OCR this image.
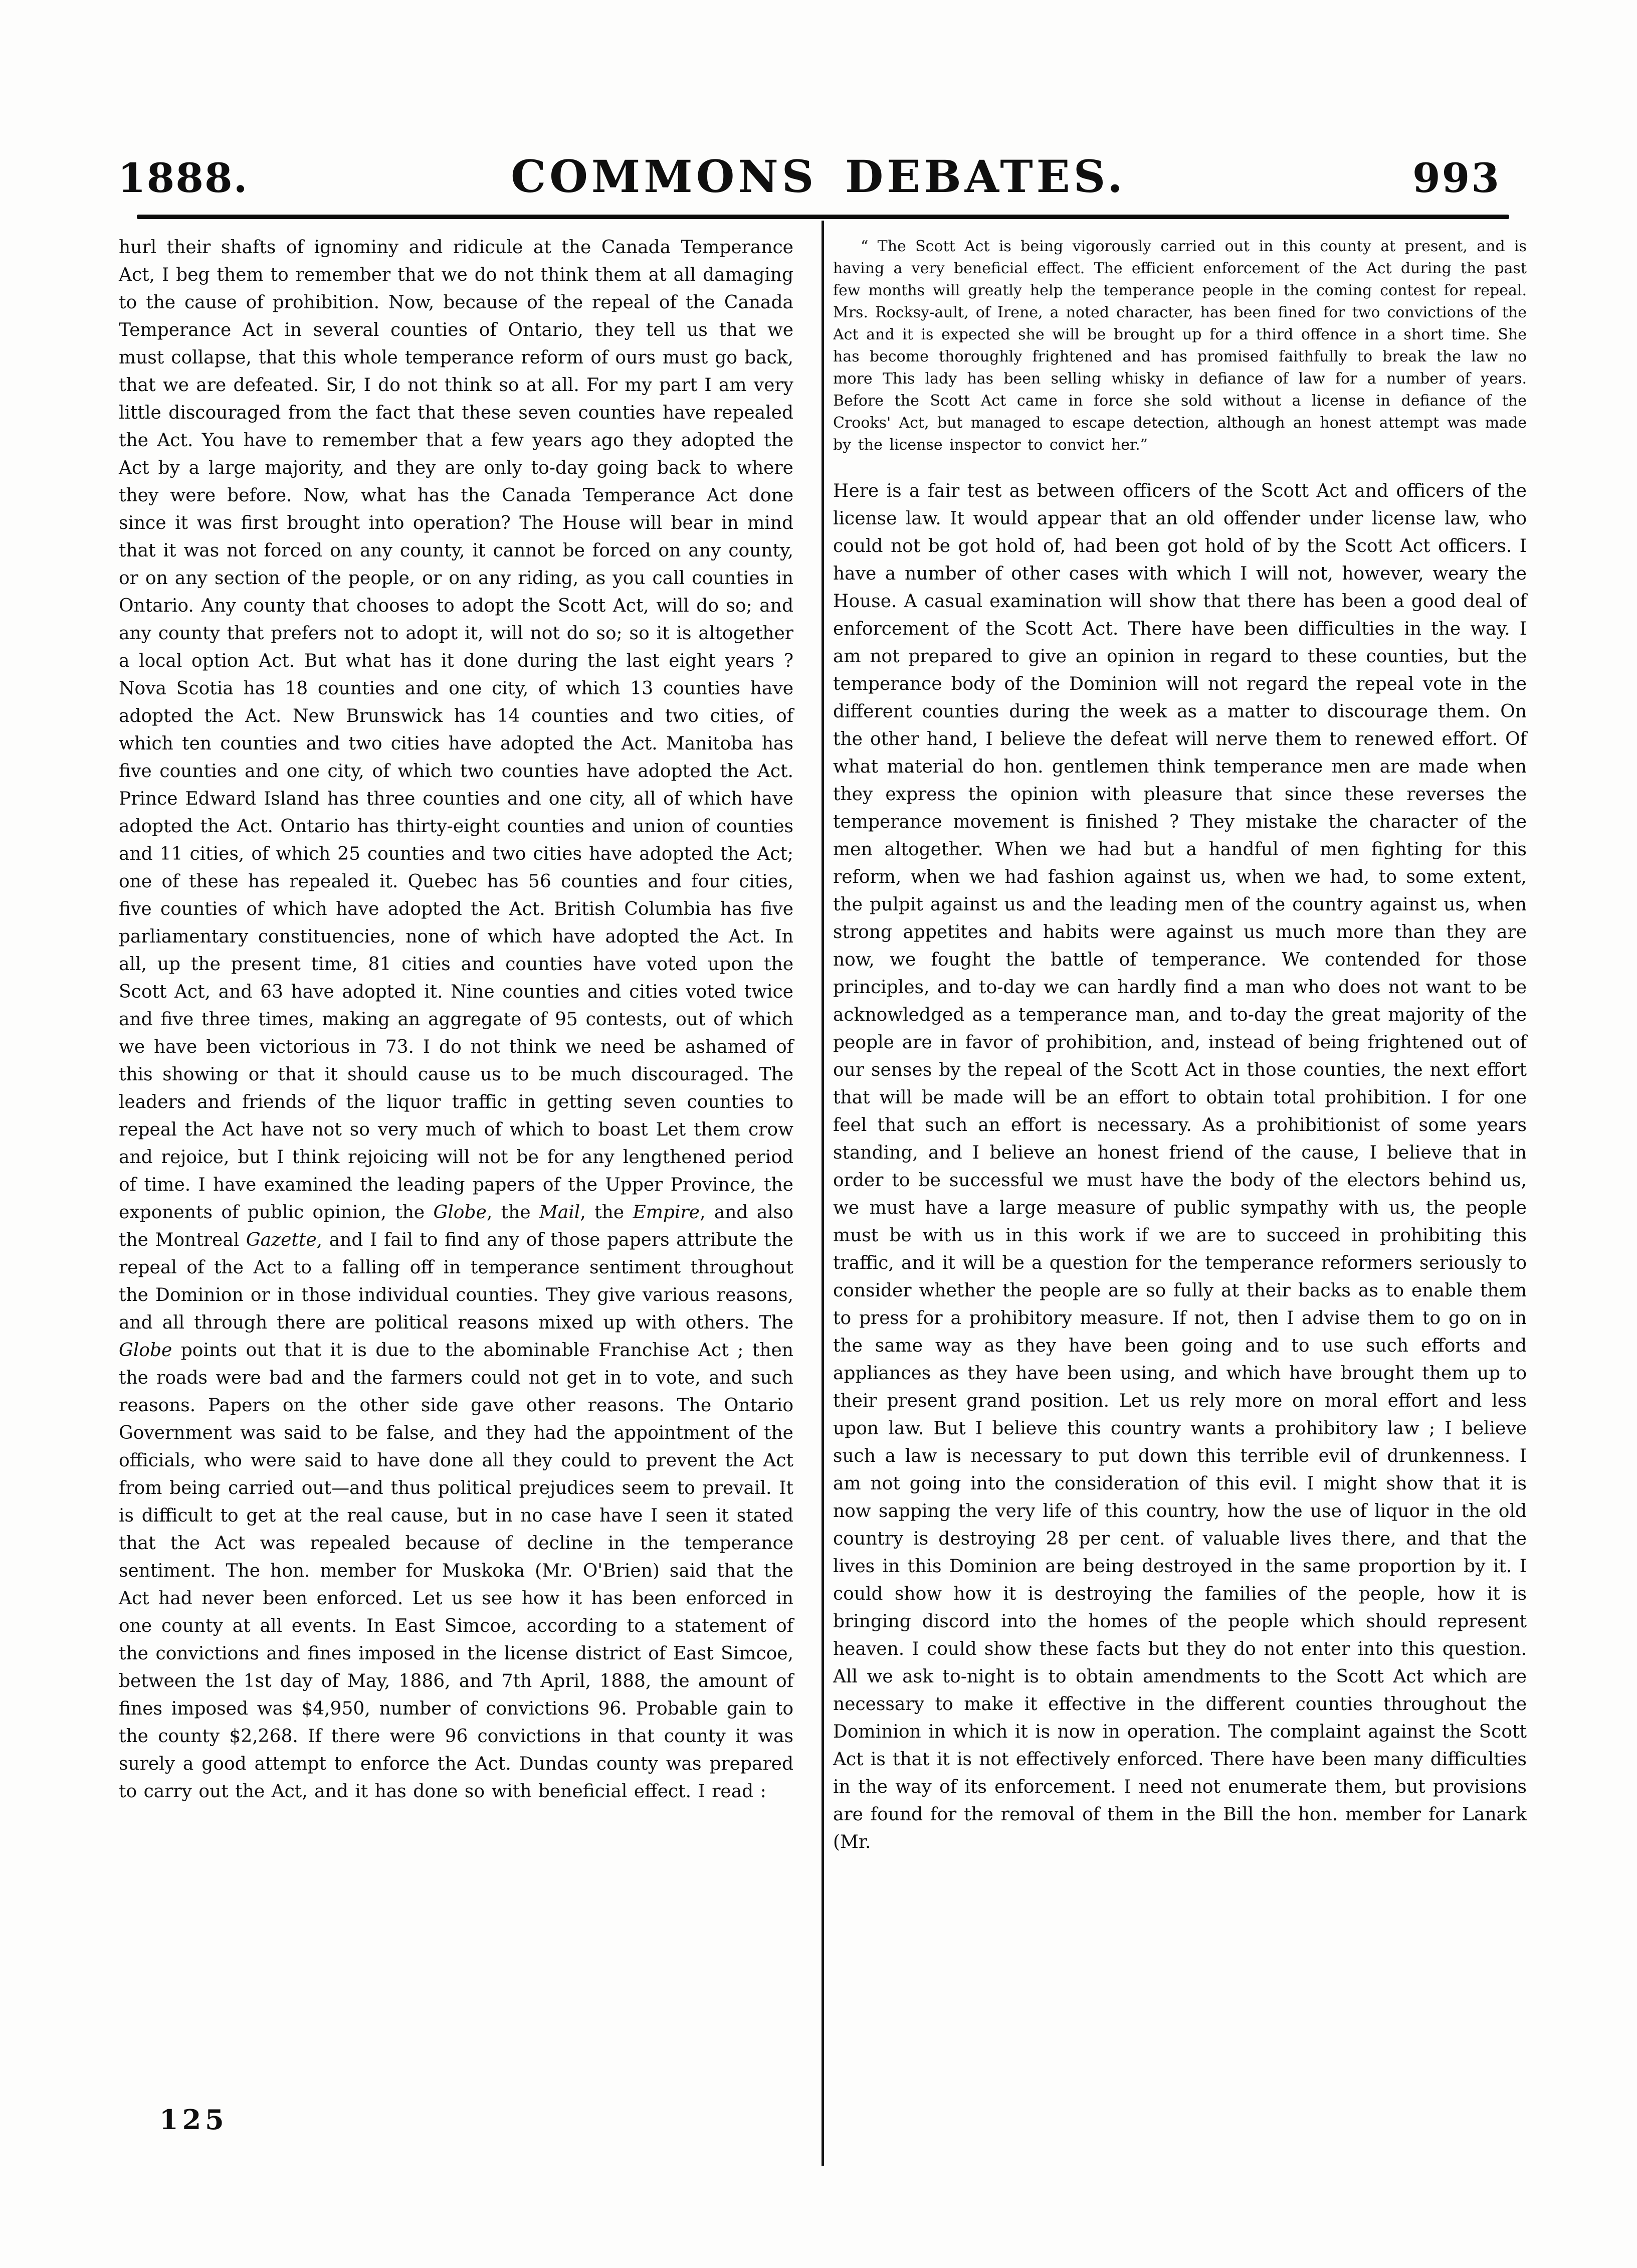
1888.	COMMONS DEBATES.	993

hurl their shafts of ignominy and ridicule at the Canada Temperance Act, I beg them to remember that we do not think them at all damaging to the cause of prohibition. Now, because of the repeal of the Canada Temperance Act in several counties of Ontario, they tell us that we must collapse, that this whole temperance reform of ours must go back, that we are defeated. Sir, I do not think so at all. For my part I am very little discouraged from the fact that these seven counties have repealed the Act. You have to remember that a few years ago they adopted the Act by a large majority, and they are only to-day going back to where they were before. Now, what has the Canada Temperance Act done since it was first brought into operation? The House will bear in mind that it was not forced on any county, it cannot be forced on any county, or on any section of the people, or on any riding, as you call counties in Ontario. Any county that chooses to adopt the Scott Act, will do so; and any county that prefers not to adopt it, will not do so; so it is altogether a local option Act. But what has it done during the last eight years ? Nova Scotia has 18 counties and one city, of which 13 counties have adopted the Act. New Brunswick has 14 counties and two cities, of which ten counties and two cities have adopted the Act. Manitoba has five counties and one city, of which two counties have adopted the Act. Prince Edward Island has three counties and one city, all of which have adopted the Act. Ontario has thirty-eight counties and union of counties and 11 cities, of which 25 counties and two cities have adopted the Act; one of these has repealed it. Quebec has 56 counties and four cities, five counties of which have adopted the Act. British Columbia has five parliamentary constituencies, none of which have adopted the Act. In all, up the present time, 81 cities and counties have voted upon the Scott Act, and 63 have adopted it. Nine counties and cities voted twice and five three times, making an aggregate of 95 contests, out of which we have been victorious in 73. I do not think we need be ashamed of this showing or that it should cause us to be much discouraged. The leaders and friends of the liquor traffic in getting seven counties to repeal the Act have not so very much of which to boast Let them crow and rejoice, but I think rejoicing will not be for any lengthened period of time. I have examined the leading papers of the Upper Province, the exponents of public opinion, the Globe, the Mail, the Empire, and also the Montreal Gazette, and I fail to find any of those papers attribute the repeal of the Act to a falling off in temperance sentiment throughout the Dominion or in those individual counties. They give various reasons, and all through there are political reasons mixed up with others. The Globe points out that it is due to the abominable Franchise Act ; then the roads were bad and the farmers could not get in to vote, and such reasons. Papers on the other side gave other reasons. The Ontario Government was said to be false, and they had the appointment of the officials, who were said to have done all they could to prevent the Act from being carried out—and thus political prejudices seem to prevail. It is difficult to get at the real cause, but in no case have I seen it stated that the Act was repealed because of decline in the temperance sentiment. The hon. member for Muskoka (Mr. O'Brien) said that the Act had never been enforced. Let us see how it has been enforced in one county at all events. In East Simcoe, according to a statement of the convictions and fines imposed in the license district of East Simcoe, between the 1st day of May, 1886, and 7th April, 1888, the amount of fines imposed was $4,950, number of convictions 96. Probable gain to the county $2,268. If there were 96 convictions in that county it was surely a good attempt to enforce the Act. Dundas county was prepared to carry out the Act, and it has done so with beneficial effect. I read :

125
“ The Scott Act is being vigorously carried out in this county at present, and is having a very beneficial effect. The efficient enforcement of the Act during the past few months will greatly help the temperance people in the coming contest for repeal. Mrs. Rocksy-ault, of Irene, a noted character, has been fined for two convictions of the Act and it is expected she will be brought up for a third offence in a short time. She has become thoroughly frightened and has promised faithfully to break the law no more This lady has been selling whisky in defiance of law for a number of years. Before the Scott Act came in force she sold without a license in defiance of the Crooks' Act, but managed to escape detection, although an honest attempt was made by the license inspector to convict her.”

Here is a fair test as between officers of the Scott Act and officers of the license law. It would appear that an old offender under license law, who could not be got hold of, had been got hold of by the Scott Act officers. I have a number of other cases with which I will not, however, weary the House. A casual examination will show that there has been a good deal of enforcement of the Scott Act. There have been difficulties in the way. I am not prepared to give an opinion in regard to these counties, but the temperance body of the Dominion will not regard the repeal vote in the different counties during the week as a matter to discourage them. On the other hand, I believe the defeat will nerve them to renewed effort. Of what material do hon. gentlemen think temperance men are made when they express the opinion with pleasure that since these reverses the temperance movement is finished ? They mistake the character of the men altogether. When we had but a handful of men fighting for this reform, when we had fashion against us, when we had, to some extent, the pulpit against us and the leading men of the country against us, when strong appetites and habits were against us much more than they are now, we fought the battle of temperance. We contended for those principles, and to-day we can hardly find a man who does not want to be acknowledged as a temperance man, and to-day the great majority of the people are in favor of prohibition, and, instead of being frightened out of our senses by the repeal of the Scott Act in those counties, the next effort that will be made will be an effort to obtain total prohibition. I for one feel that such an effort is necessary. As a prohibitionist of some years standing, and I believe an honest friend of the cause, I believe that in order to be successful we must have the body of the electors behind us, we must have a large measure of public sympathy with us, the people must be with us in this work if we are to succeed in prohibiting this traffic, and it will be a question for the temperance reformers seriously to consider whether the people are so fully at their backs as to enable them to press for a prohibitory measure. If not, then I advise them to go on in the same way as they have been going and to use such efforts and appliances as they have been using, and which have brought them up to their present grand position. Let us rely more on moral effort and less upon law. But I believe this country wants a prohibitory law ; I believe such a law is necessary to put down this terrible evil of drunkenness. I am not going into the consideration of this evil. I might show that it is now sapping the very life of this country, how the use of liquor in the old country is destroying 28 per cent. of valuable lives there, and that the lives in this Dominion are being destroyed in the same proportion by it. I could show how it is destroying the families of the people, how it is bringing discord into the homes of the people which should represent heaven. I could show these facts but they do not enter into this question. All we ask to-night is to obtain amendments to the Scott Act which are necessary to make it effective in the different counties throughout the Dominion in which it is now in operation. The complaint against the Scott Act is that it is not effectively enforced. There have been many difficulties in the way of its enforcement. I need not enumerate them, but provisions are found for the removal of them in the Bill the hon. member for Lanark (Mr.
